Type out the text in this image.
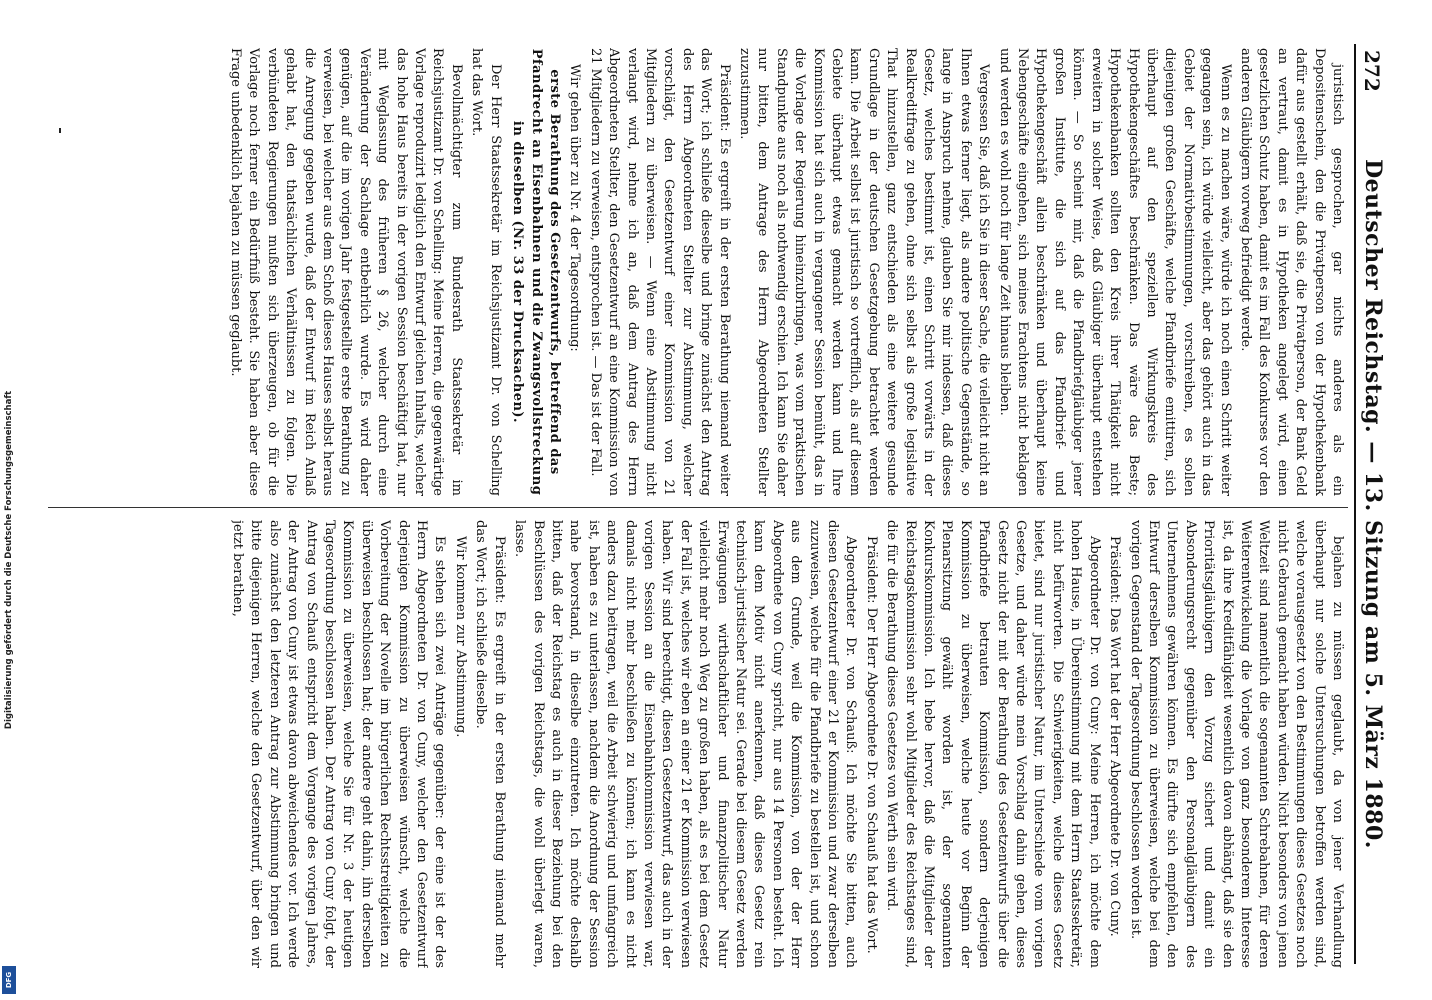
Digitalisierung gefördert durch die Deutsche Forschungsgemeinschaft
DFG
272
Deutscher Reichstag. — 13. Sitzung am 5. März 1880.

juristisch gesprochen, gar nichts anderes als ein Depositenschein, den die Privatperson von der Hypothekenbank dafür aus gestellt erhält, daß sie, die Privatperson, der Bank Geld an vertraut, damit es in Hypotheken angelegt wird, einen gesetzlichen Schutz haben, damit es im Fall des Konkurses vor den anderen Gläubigern vorweg befriedigt werde.

Wenn es zu machen wäre, würde ich noch einen Schritt weiter gegangen sein, ich würde vielleicht, aber das gehört auch in das Gebiet der Normativbestimmungen, vorschreiben, es sollen diejenigen großen Geschäfte, welche Pfandbriefe emittiren, sich überhaupt auf den speziellen Wirkungskreis des Hypothekengeschäftes beschränken. Das wäre das Beste; Hypothekenbanken sollten den Kreis ihrer Thätigkeit nicht erweitern in solcher Weise, daß Gläubiger überhaupt entstehen können. — So scheint mir, daß die Pfandbriefgläubiger jener großen Institute, die sich auf das Pfandbrief- und Hypothekengeschäft allein beschränken und überhaupt keine Nebengeschäfte eingehen, sich meines Erachtens nicht beklagen und werden es wohl noch für lange Zeit hinaus bleiben.

Vergessen Sie, daß ich Sie in dieser Sache, die vielleicht nicht an Ihnen etwas ferner liegt, als andere politische Gegenstände, so lange in Anspruch nehme, glauben Sie mir indessen, daß dieses Gesetz, welches bestimmt ist, einen Schritt vorwärts in der Realkreditfrage zu gehen, ohne sich selbst als große legislative That hinzustellen, ganz entschieden als eine weitere gesunde Grundlage in der deutschen Gesetzgebung betrachtet werden kann. Die Arbeit selbst ist juristisch so vortrefflich, als auf diesem Gebiete überhaupt etwas gemacht werden kann und Ihre Kommission hat sich auch in vergangener Session bemüht, das in die Vorlage der Regierung hineinzubringen, was vom praktischen Standpunkte aus noch als nothwendig erschien. Ich kann Sie daher nur bitten, dem Antrage des Herrn Abgeordneten Stellter zuzustimmen.

Präsident: Es ergreift in der ersten Berathung niemand weiter das Wort; ich schließe dieselbe und bringe zunächst den Antrag des Herrn Abgeordneten Stellter zur Abstimmung, welcher vorschlägt, den Gesetzentwurf einer Kommission von 21 Mitgliedern zu überweisen. — Wenn eine Abstimmung nicht verlangt wird, nehme ich an, daß dem Antrag des Herrn Abgeordneten Stellter, den Gesetzentwurf an eine Kommission von 21 Mitgliedern zu verweisen, entsprochen ist. — Das ist der Fall.

Wir gehen über zu Nr. 4 der Tagesordnung:

erste Berathung des Gesetzentwurfs, betreffend das Pfandrecht an Eisenbahnen und die Zwangsvollstreckung in dieselben (Nr. 33 der Drucksachen).

Der Herr Staatssekretär im Reichsjustizamt Dr. von Schelling hat das Wort.

Bevollmächtigter zum Bundesrath Staatssekretär im Reichsjustizamt Dr. von Schelling: Meine Herren, die gegenwärtige Vorlage reproduzirt lediglich den Entwurf gleichen Inhalts, welcher das hohe Haus bereits in der vorigen Session beschäftigt hat, nur mit Weglassung des früheren § 26, welcher durch eine Veränderung der Sachlage entbehrlich wurde. Es wird daher genügen, auf die im vorigen Jahr festgestellte erste Berathung zu verweisen, bei welcher aus dem Schoß dieses Hauses selbst heraus die Anregung gegeben wurde, daß der Entwurf im Reich Anlaß gehabt hat, den thatsächlichen Verhältnissen zu folgen. Die verbündeten Regierungen mußten sich überzeugen, ob für die Vorlage noch ferner ein Bedürfniß besteht. Sie haben aber diese Frage unbedenklich bejahen zu müssen geglaubt.

bejahen zu müssen geglaubt, da von jener Verhandlung überhaupt nur solche Untersuchungen betroffen werden sind, welche vorausgesetzt von den Bestimmungen dieses Gesetzes noch nicht Gebrauch gemacht haben würden. Nicht besonders von jenen Weltzeit sind namentlich die sogenannten Schrebahnen, für deren Weiterentwickelung die Vorlage von ganz besonderem Interesse ist, da ihre Kreditfähigkeit wesentlich davon abhängt, daß sie den Prioritätsgläubigern den Vorzug sichert und damit ein Absonderungsrecht gegenüber den Personalgläubigern des Unternehmens gewähren können. Es dürfte sich empfehlen, den Entwurf derselben Kommission zu überweisen, welche bei dem vorigen Gegenstand der Tagesordnung beschlossen worden ist.

Präsident: Das Wort hat der Herr Abgeordnete Dr. von Cuny.

Abgeordneter Dr. von Cuny: Meine Herren, ich möchte dem hohen Hause, in Übereinstimmung mit dem Herrn Staatssekretär, nicht befürworten. Die Schwierigkeiten, welche dieses Gesetz bietet, sind nur juristischer Natur, im Unterschiede vom vorigen Gesetze, und daher würde mein Vorschlag dahin gehen, dieses Gesetz nicht der mit der Berathung des Gesetzentwurfs über die Pfandbriefe betrauten Kommission, sondern derjenigen Kommission zu überweisen, welche heute vor Beginn der Plenarsitzung gewählt worden ist, der sogenannten Konkurskommission. Ich hebe hervor, daß die Mitglieder der Reichstagskommission sehr wohl Mitglieder des Reichstages sind, die für die Berathung dieses Gesetzes von Werth sein wird.

Präsident: Der Herr Abgeordnete Dr. von Schauß hat das Wort.

Abgeordneter Dr. von Schauß: Ich möchte Sie bitten, auch diesen Gesetzentwurf einer 21 er Kommission und zwar derselben zuzuweisen, welche für die Pfandbriefe zu bestellen ist, und schon aus dem Grunde, weil die Kommission, von der der Herr Abgeordnete von Cuny spricht, nur aus 14 Personen besteht. Ich kann dem Motiv nicht anerkennen, daß dieses Gesetz rein technisch-juristischer Natur sei. Gerade bei diesem Gesetz werden Erwägungen wirthschaftlicher und finanzpolitischer Natur vielleicht mehr noch Weg zu großen haben, als es bei dem Gesetz der Fall ist, welches wir eben an einer 21 er Kommission verwiesen haben. Wir sind berechtigt, diesen Gesetzentwurf, das auch in der vorigen Session an die Eisenbahnkommission verwiesen war, damals nicht mehr beschließen zu können; ich kann es nicht anders dazu beitragen, weil die Arbeit schwierig und umfangreich ist, haben es zu unterlassen, nachdem die Anordnung der Session nahe bevorstand, in dieselbe einzutreten. Ich möchte deshalb bitten, daß der Reichstag es auch in dieser Beziehung bei den Beschlüssen des vorigen Reichstags, die wohl überlegt waren, lasse.

Präsident: Es ergreift in der ersten Berathung niemand mehr das Wort; ich schließe dieselbe.

Wir kommen zur Abstimmung.

Es stehen sich zwei Anträge gegenüber: der eine ist der des Herrn Abgeordneten Dr. von Cuny, welcher den Gesetzentwurf derjenigen Kommission zu überweisen wünscht, welche die Vorbereitung der Novelle im bürgerlichen Rechtsstreitigkeiten zu überweisen beschlossen hat; der andere geht dahin, ihn derselben Kommission zu überweisen, welche Sie für Nr. 3 der heutigen Tagesordnung beschlossen haben. Der Antrag von Cuny folgt, der Antrag von Schauß entspricht dem Vorgange des vorigen Jahres, der Antrag von Cuny ist etwas davon abweichendes vor. Ich werde also zunächst den letzteren Antrag zur Abstimmung bringen und bitte diejenigen Herren, welche den Gesetzentwurf, über den wir jetzt berathen,
